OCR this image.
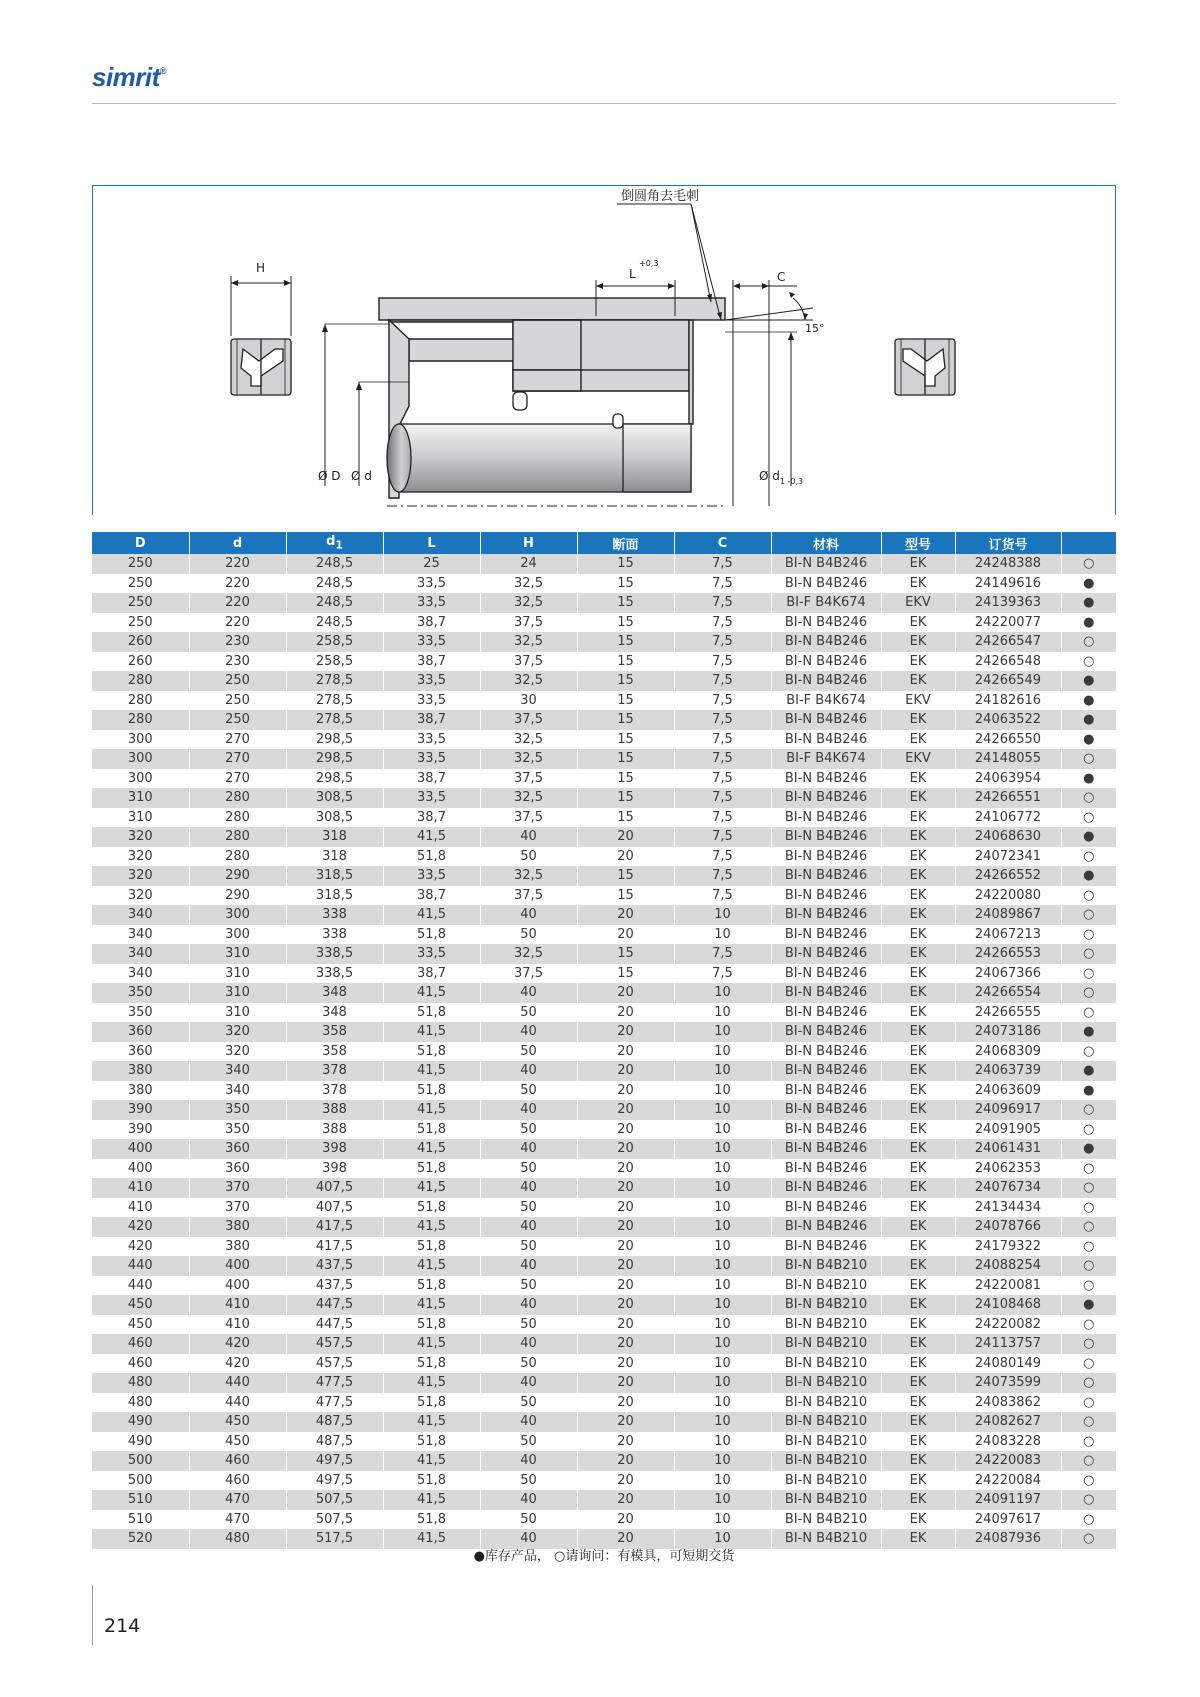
simrit®
H
倒圆角去毛刺
L
+0,3
C
15°
Ø D Ø d	Ø $d_{1 -0,3}$
D	d	$d_1$	L	H	断面	C	材料	型号	订货号	
250	220	248,5	25	24	15	7,5	BI-N B4B246	EK	24248388	○
250	220	248,5	33,5	32,5	15	7,5	BI-N B4B246	EK	24149616	●
250	220	248,5	33,5	32,5	15	7,5	BI-F B4K674	EKV	24139363	●
250	220	248,5	38,7	37,5	15	7,5	BI-N B4B246	EK	24220077	●
260	230	258,5	33,5	32,5	15	7,5	BI-N B4B246	EK	24266547	○
260	230	258,5	38,7	37,5	15	7,5	BI-N B4B246	EK	24266548	○
280	250	278,5	33,5	32,5	15	7,5	BI-N B4B246	EK	24266549	●
280	250	278,5	33,5	30	15	7,5	BI-F B4K674	EKV	24182616	●
280	250	278,5	38,7	37,5	15	7,5	BI-N B4B246	EK	24063522	●
300	270	298,5	33,5	32,5	15	7,5	BI-N B4B246	EK	24266550	●
300	270	298,5	33,5	32,5	15	7,5	BI-F B4K674	EKV	24148055	○
300	270	298,5	38,7	37,5	15	7,5	BI-N B4B246	EK	24063954	●
310	280	308,5	33,5	32,5	15	7,5	BI-N B4B246	EK	24266551	○
310	280	308,5	38,7	37,5	15	7,5	BI-N B4B246	EK	24106772	○
320	280	318	41,5	40	20	7,5	BI-N B4B246	EK	24068630	●
320	280	318	51,8	50	20	7,5	BI-N B4B246	EK	24072341	○
320	290	318,5	33,5	32,5	15	7,5	BI-N B4B246	EK	24266552	●
320	290	318,5	38,7	37,5	15	7,5	BI-N B4B246	EK	24220080	○
340	300	338	41,5	40	20	10	BI-N B4B246	EK	24089867	○
340	300	338	51,8	50	20	10	BI-N B4B246	EK	24067213	○
340	310	338,5	33,5	32,5	15	7,5	BI-N B4B246	EK	24266553	○
340	310	338,5	38,7	37,5	15	7,5	BI-N B4B246	EK	24067366	○
350	310	348	41,5	40	20	10	BI-N B4B246	EK	24266554	○
350	310	348	51,8	50	20	10	BI-N B4B246	EK	24266555	○
360	320	358	41,5	40	20	10	BI-N B4B246	EK	24073186	●
360	320	358	51,8	50	20	10	BI-N B4B246	EK	24068309	○
380	340	378	41,5	40	20	10	BI-N B4B246	EK	24063739	●
380	340	378	51,8	50	20	10	BI-N B4B246	EK	24063609	●
390	350	388	41,5	40	20	10	BI-N B4B246	EK	24096917	○
390	350	388	51,8	50	20	10	BI-N B4B246	EK	24091905	○
400	360	398	41,5	40	20	10	BI-N B4B246	EK	24061431	●
400	360	398	51,8	50	20	10	BI-N B4B246	EK	24062353	○
410	370	407,5	41,5	40	20	10	BI-N B4B246	EK	24076734	○
410	370	407,5	51,8	50	20	10	BI-N B4B246	EK	24134434	○
420	380	417,5	41,5	40	20	10	BI-N B4B246	EK	24078766	○
420	380	417,5	51,8	50	20	10	BI-N B4B246	EK	24179322	○
440	400	437,5	41,5	40	20	10	BI-N B4B210	EK	24088254	○
440	400	437,5	51,8	50	20	10	BI-N B4B210	EK	24220081	○
450	410	447,5	41,5	40	20	10	BI-N B4B210	EK	24108468	●
450	410	447,5	51,8	50	20	10	BI-N B4B210	EK	24220082	○
460	420	457,5	41,5	40	20	10	BI-N B4B210	EK	24113757	○
460	420	457,5	51,8	50	20	10	BI-N B4B210	EK	24080149	○
480	440	477,5	41,5	40	20	10	BI-N B4B210	EK	24073599	○
480	440	477,5	51,8	50	20	10	BI-N B4B210	EK	24083862	○
490	450	487,5	41,5	40	20	10	BI-N B4B210	EK	24082627	○
490	450	487,5	51,8	50	20	10	BI-N B4B210	EK	24083228	○
500	460	497,5	41,5	40	20	10	BI-N B4B210	EK	24220083	○
500	460	497,5	51,8	50	20	10	BI-N B4B210	EK	24220084	○
510	470	507,5	41,5	40	20	10	BI-N B4B210	EK	24091197	○
510	470	507,5	51,8	50	20	10	BI-N B4B210	EK	24097617	○
520	480	517,5	41,5	40	20	10	BI-N B4B210	EK	24087936	○
●库存产品， ○请询问：有模具，可短期交货
214
